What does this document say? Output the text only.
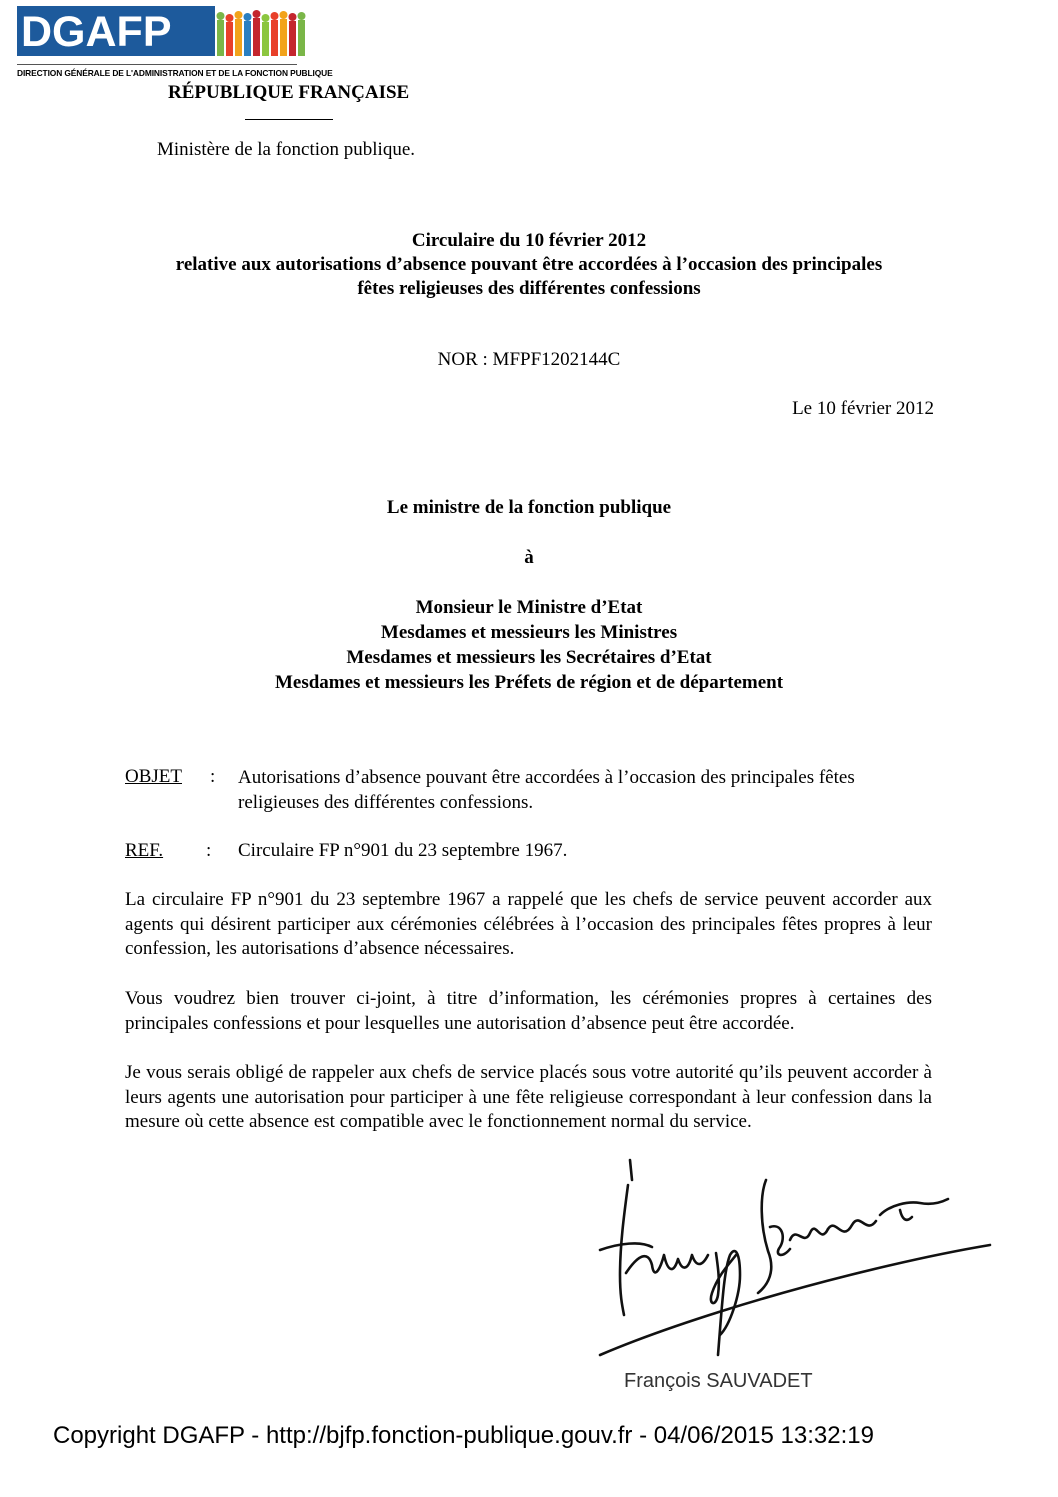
DGAFP
DIRECTION GÉNÉRALE DE L'ADMINISTRATION ET DE LA FONCTION PUBLIQUE
RÉPUBLIQUE FRANÇAISE
Ministère de la fonction publique.
Circulaire du 10 février 2012
relative aux autorisations d’absence pouvant être accordées à l’occasion des principales
fêtes religieuses des différentes confessions
NOR : MFPF1202144C
Le 10 février 2012
Le ministre de la fonction publique
à
Monsieur le Ministre d’Etat
Mesdames et messieurs les Ministres
Mesdames et messieurs les Secrétaires d’Etat
Mesdames et messieurs les Préfets de région et de département
OBJET : Autorisations d’absence pouvant être accordées à l’occasion des principales fêtes religieuses des différentes confessions.
REF. : Circulaire FP n°901 du 23 septembre 1967.
La circulaire FP n°901 du 23 septembre 1967 a rappelé que les chefs de service peuvent accorder aux agents qui désirent participer aux cérémonies célébrées à l’occasion des principales fêtes propres à leur confession, les autorisations d’absence nécessaires.
Vous voudrez bien trouver ci-joint, à titre d’information, les cérémonies propres à certaines des principales confessions et pour lesquelles une autorisation d’absence peut être accordée.
Je vous serais obligé de rappeler aux chefs de service placés sous votre autorité qu’ils peuvent accorder à leurs agents une autorisation pour participer à une fête religieuse correspondant à leur confession dans la mesure où cette absence est compatible avec le fonctionnement normal du service.
François SAUVADET
Copyright DGAFP - http://bjfp.fonction-publique.gouv.fr - 04/06/2015 13:32:19
